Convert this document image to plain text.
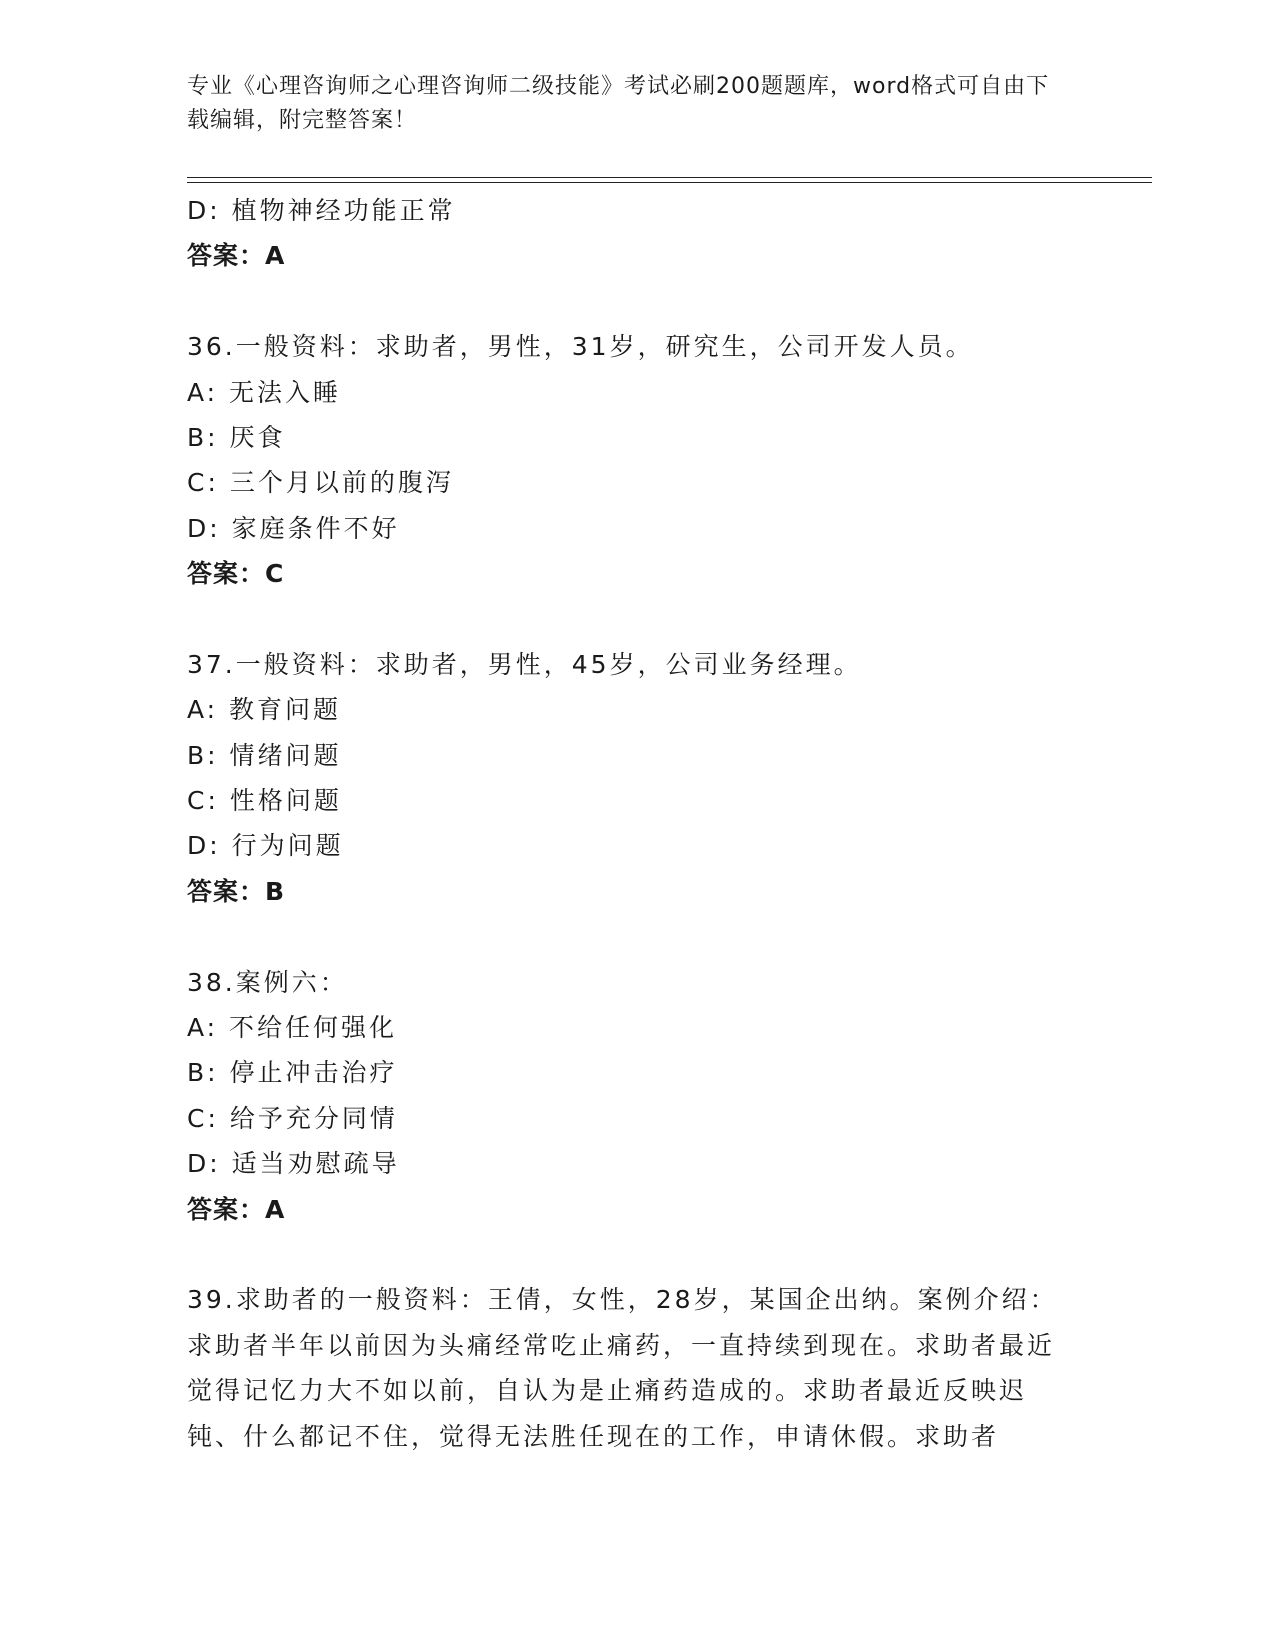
专业《心理咨询师之心理咨询师二级技能》考试必刷200题题库，word格式可自由下载编辑，附完整答案！
D: 植物神经功能正常
答案：A
36.一般资料：求助者，男性，31岁，研究生，公司开发人员。
A: 无法入睡
B: 厌食
C: 三个月以前的腹泻
D: 家庭条件不好
答案：C
37.一般资料：求助者，男性，45岁，公司业务经理。
A: 教育问题
B: 情绪问题
C: 性格问题
D: 行为问题
答案：B
38.案例六：
A: 不给任何强化
B: 停止冲击治疗
C: 给予充分同情
D: 适当劝慰疏导
答案：A
39.求助者的一般资料：王倩，女性，28岁，某国企出纳。案例介绍：求助者半年以前因为头痛经常吃止痛药，一直持续到现在。求助者最近觉得记忆力大不如以前，自认为是止痛药造成的。求助者最近反映迟钝、什么都记不住，觉得无法胜任现在的工作，申请休假。求助者
